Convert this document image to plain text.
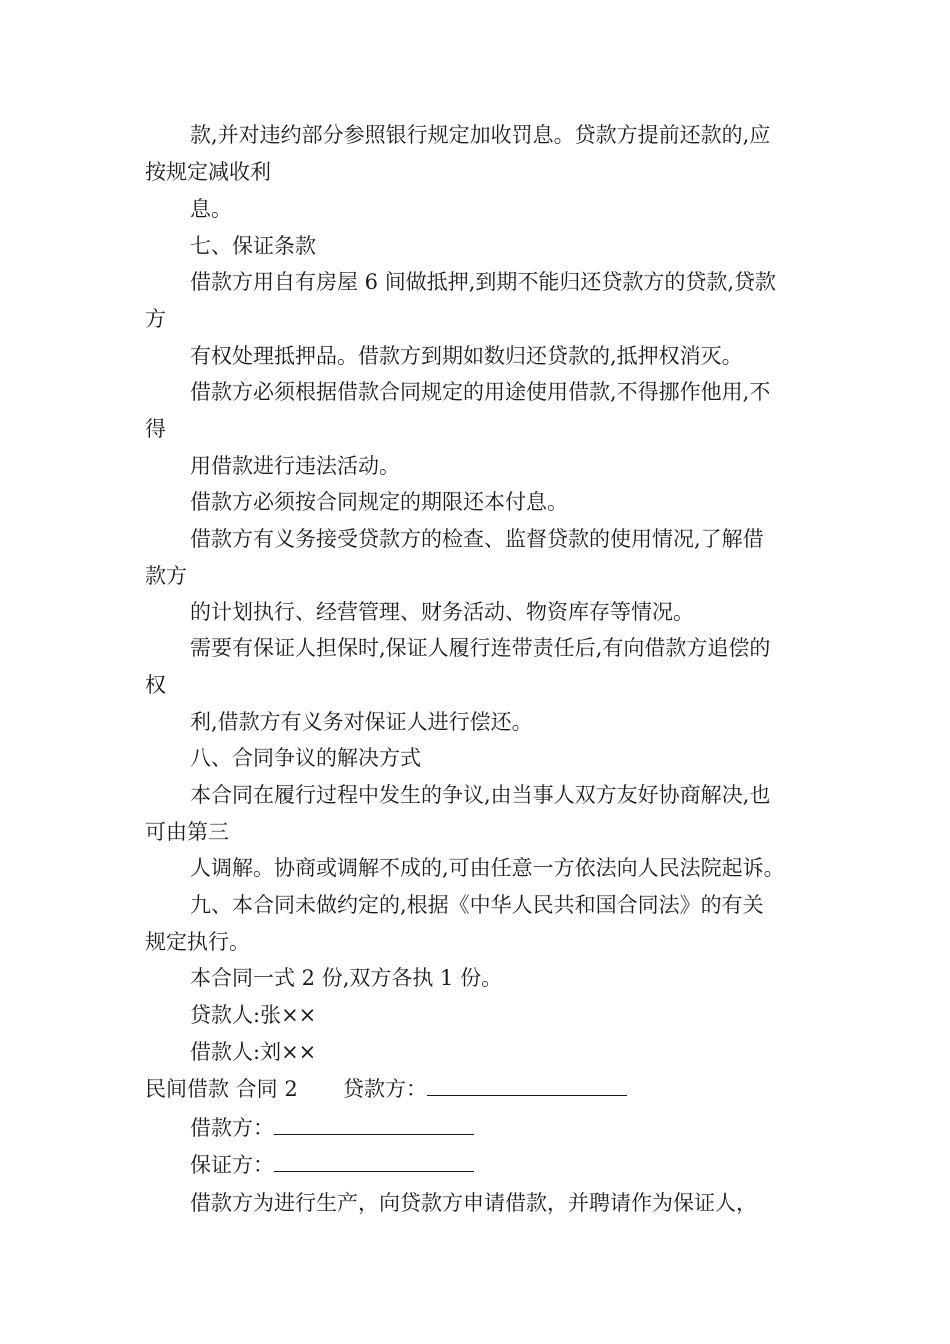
款,并对违约部分参照银行规定加收罚息。贷款方提前还款的,应
按规定减收利
息。
七、保证条款
借款方用自有房屋 6 间做抵押,到期不能归还贷款方的贷款,贷款
方
有权处理抵押品。借款方到期如数归还贷款的,抵押权消灭。
借款方必须根据借款合同规定的用途使用借款,不得挪作他用,不
得
用借款进行违法活动。
借款方必须按合同规定的期限还本付息。
借款方有义务接受贷款方的检查、监督贷款的使用情况,了解借
款方
的计划执行、经营管理、财务活动、物资库存等情况。
需要有保证人担保时,保证人履行连带责任后,有向借款方追偿的
权
利,借款方有义务对保证人进行偿还。
八、合同争议的解决方式
本合同在履行过程中发生的争议,由当事人双方友好协商解决,也
可由第三
人调解。协商或调解不成的,可由任意一方依法向人民法院起诉。
九、本合同未做约定的,根据《中华人民共和国合同法》的有关
规定执行。
本合同一式 2 份,双方各执 1 份。
贷款人:张××
借款人:刘××
民间借款 合同 2 贷款方：
借款方：
保证方：
借款方为进行生产，向贷款方申请借款，并聘请作为保证人，
